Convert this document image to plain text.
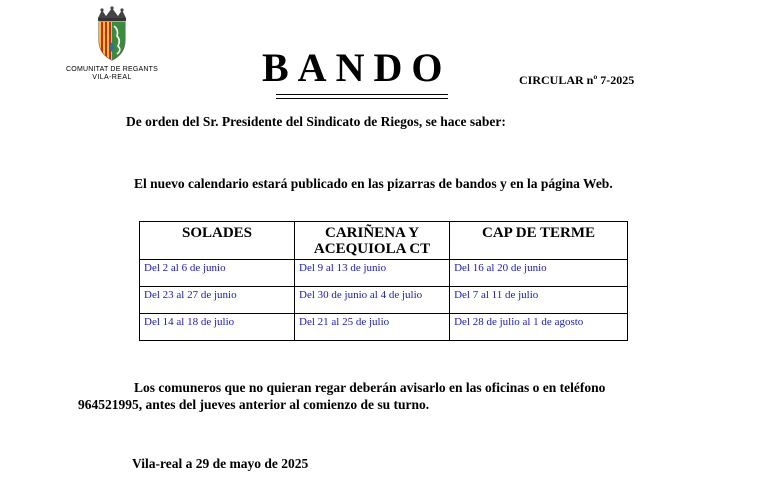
COMUNITAT DE REGANTS
VILA-REAL	BANDO	CIRCULAR nº 7-2025
De orden del Sr. Presidente del Sindicato de Riegos, se hace saber:
El nuevo calendario estará publicado en las pizarras de bandos y en la página Web.
SOLADES	CARIÑENA Y ACEQUIOLA CT	CAP DE TERME
Del 2 al 6 de junio	Del 9 al 13 de junio	Del 16 al 20 de junio
Del 23 al 27 de junio	Del 30 de junio al 4 de julio	Del 7 al 11 de julio
Del 14 al 18 de julio	Del 21 al 25 de julio	Del 28 de julio al 1 de agosto
Los comuneros que no quieran regar deberán avisarlo en las oficinas o en teléfono
964521995, antes del jueves anterior al comienzo de su turno.
Vila-real a 29 de mayo de 2025
